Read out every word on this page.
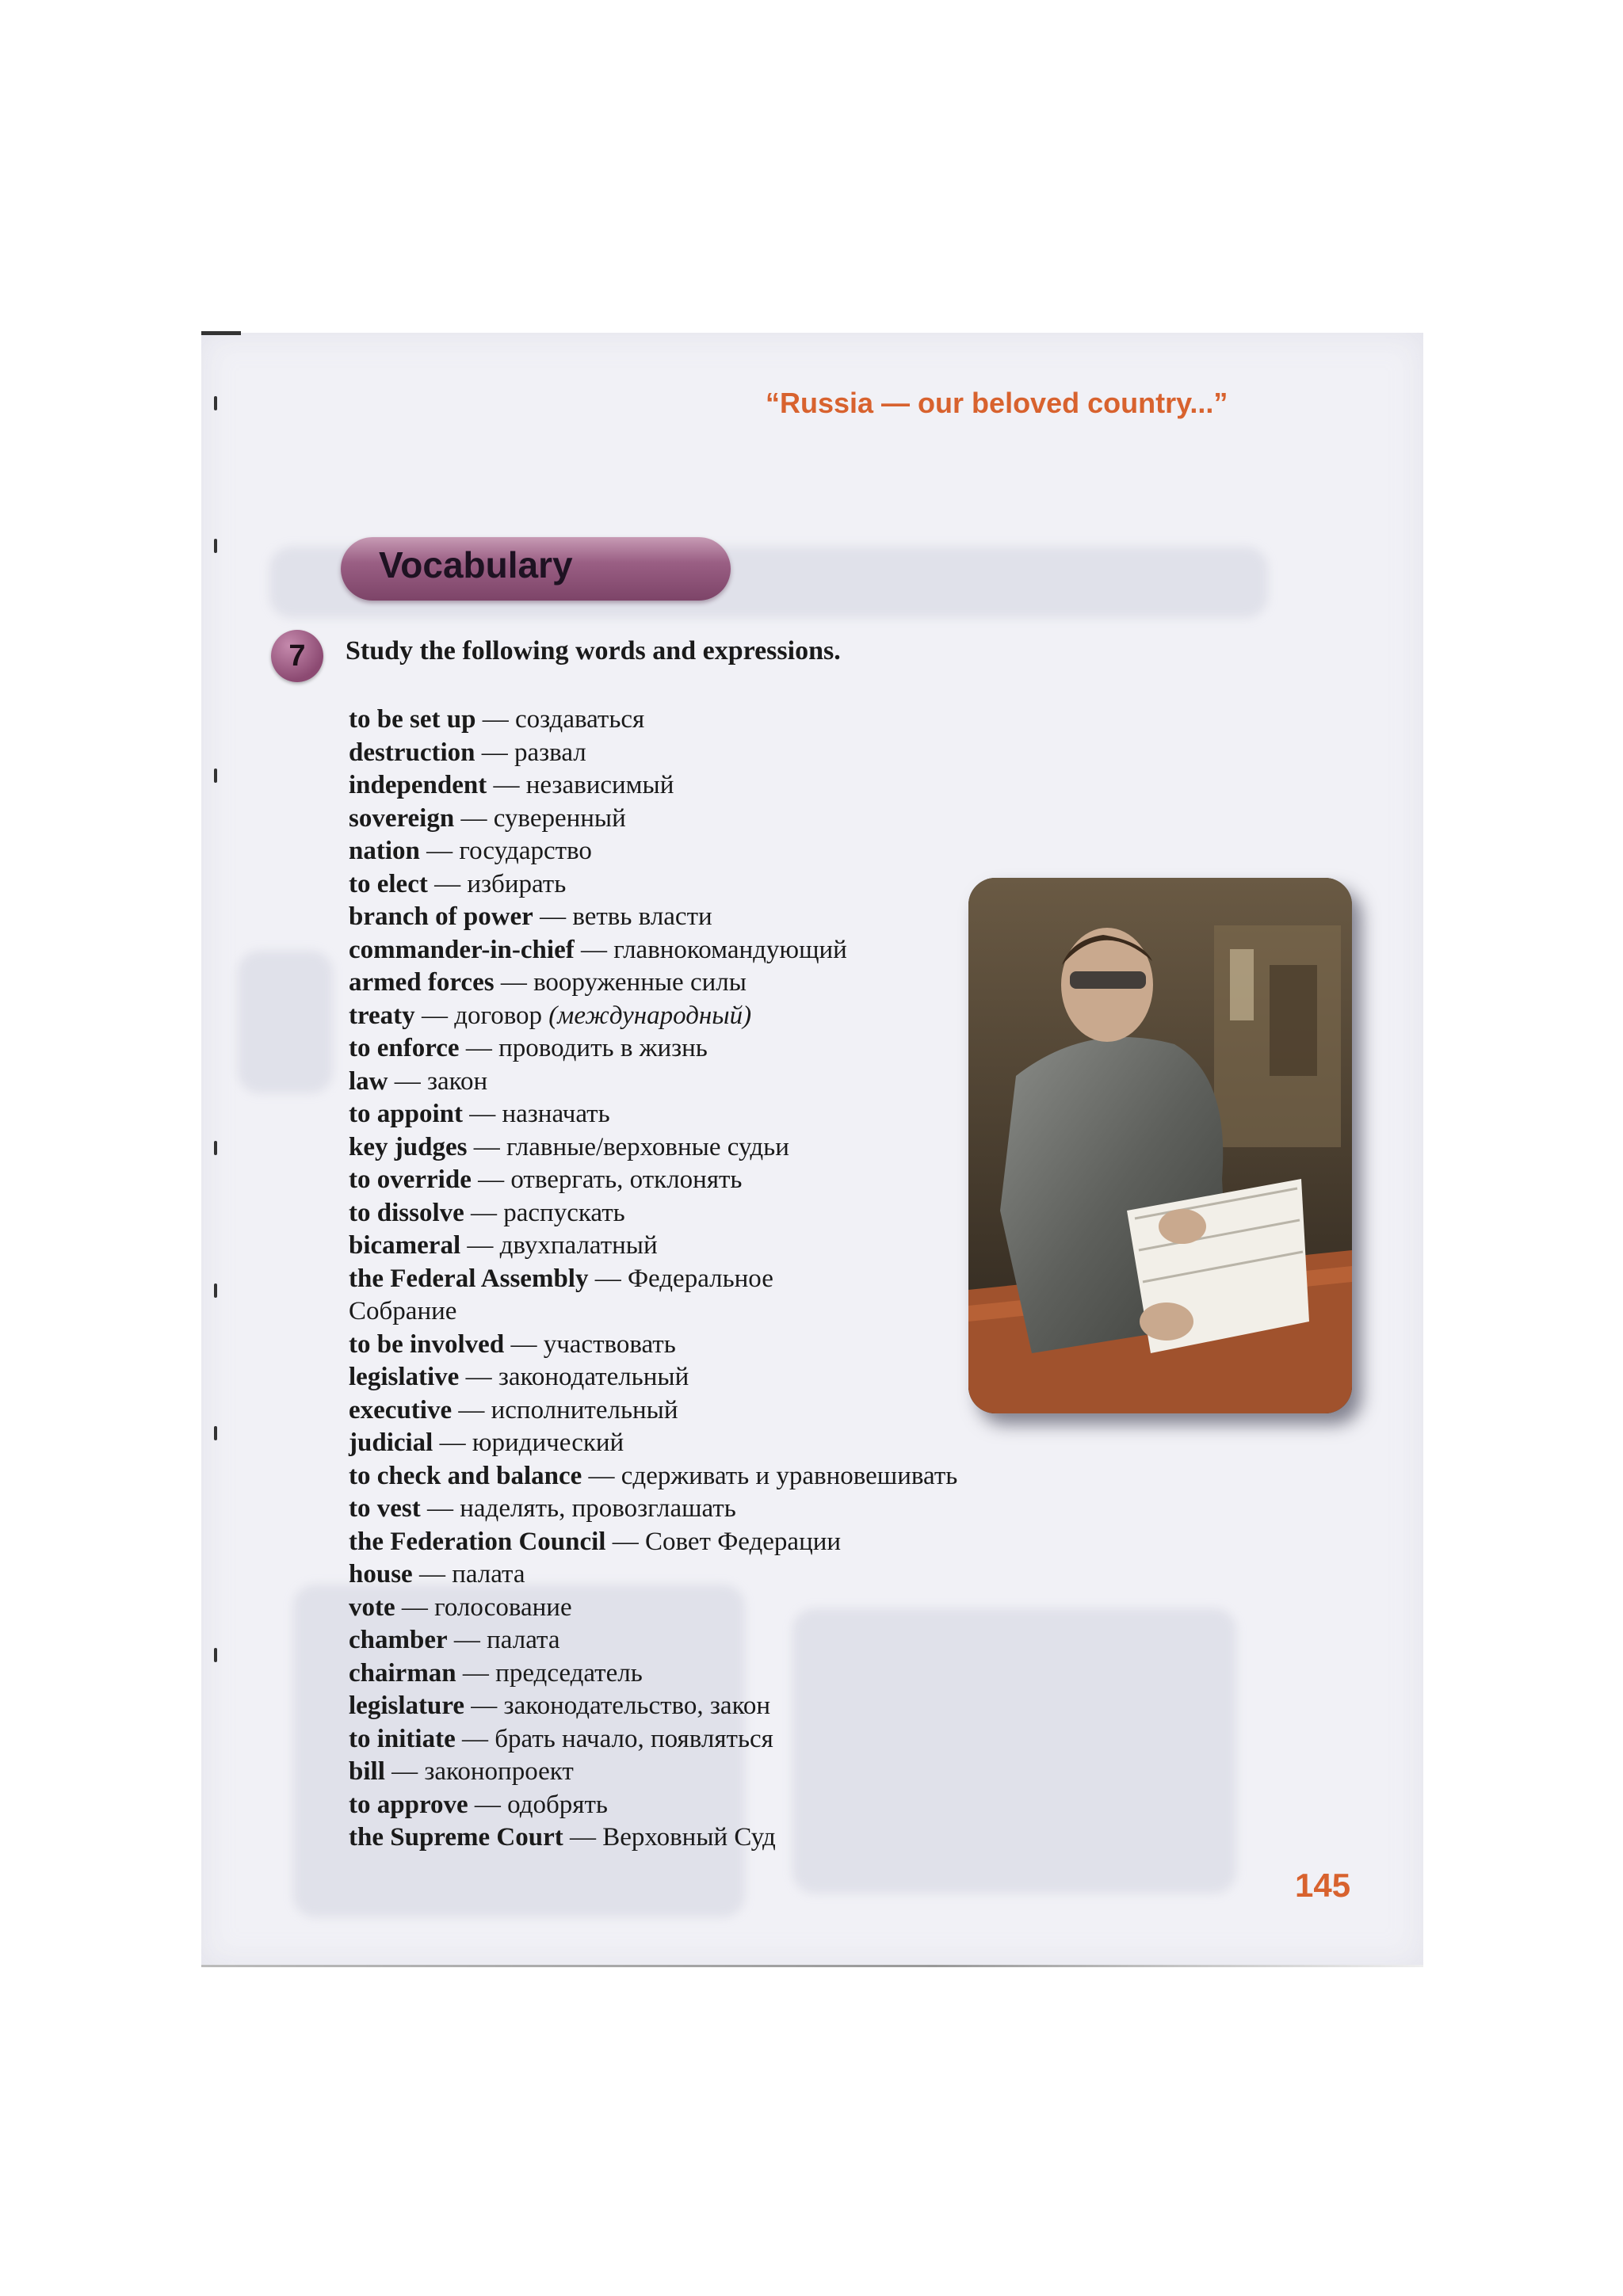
“Russia — our beloved country...”
Vocabulary
7	Study the following words and expressions.
to be set up — создаваться
destruction — развал
independent — независимый
sovereign — суверенный
nation — государство
to elect — избирать
branch of power — ветвь власти
commander-in-chief — главнокомандующий
armed forces — вооруженные силы
treaty — договор (международный)
to enforce — проводить в жизнь
law — закон
to appoint — назначать
key judges — главные/верховные судьи
to override — отвергать, отклонять
to dissolve — распускать
bicameral — двухпалатный
the Federal Assembly — Федеральное
Собрание
to be involved — участвовать
legislative — законодательный
executive — исполнительный
judicial — юридический
to check and balance — сдерживать и уравновешивать
to vest — наделять, провозглашать
the Federation Council — Совет Федерации
house — палата
vote — голосование
chamber — палата
chairman — председатель
legislature — законодательство, закон
to initiate — брать начало, появляться
bill — законопроект
to approve — одобрять
the Supreme Court — Верховный Суд
145
